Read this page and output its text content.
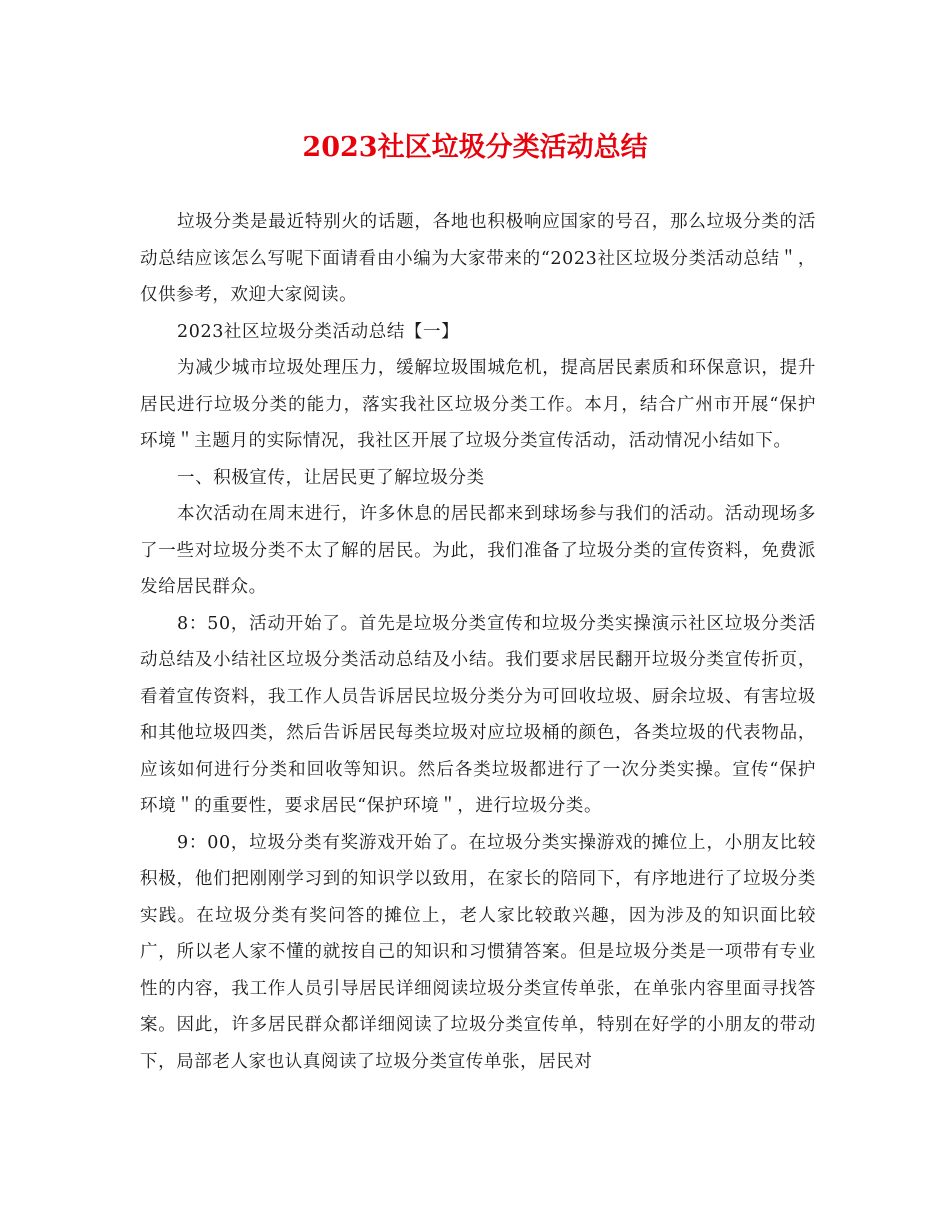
2023社区垃圾分类活动总结

垃圾分类是最近特别火的话题，各地也积极响应国家的号召，那么垃圾分类的活动总结应该怎么写呢下面请看由小编为大家带来的“2023社区垃圾分类活动总结＂，仅供参考，欢迎大家阅读。

2023社区垃圾分类活动总结【一】

为减少城市垃圾处理压力，缓解垃圾围城危机，提高居民素质和环保意识，提升居民进行垃圾分类的能力，落实我社区垃圾分类工作。本月，结合广州市开展“保护环境＂主题月的实际情况，我社区开展了垃圾分类宣传活动，活动情况小结如下。

一、积极宣传，让居民更了解垃圾分类

本次活动在周末进行，许多休息的居民都来到球场参与我们的活动。活动现场多了一些对垃圾分类不太了解的居民。为此，我们准备了垃圾分类的宣传资料，免费派发给居民群众。

8：50，活动开始了。首先是垃圾分类宣传和垃圾分类实操演示社区垃圾分类活动总结及小结社区垃圾分类活动总结及小结。我们要求居民翻开垃圾分类宣传折页，看着宣传资料，我工作人员告诉居民垃圾分类分为可回收垃圾、厨余垃圾、有害垃圾和其他垃圾四类，然后告诉居民每类垃圾对应垃圾桶的颜色，各类垃圾的代表物品，应该如何进行分类和回收等知识。然后各类垃圾都进行了一次分类实操。宣传“保护环境＂的重要性，要求居民“保护环境＂，进行垃圾分类。

9：00，垃圾分类有奖游戏开始了。在垃圾分类实操游戏的摊位上，小朋友比较积极，他们把刚刚学习到的知识学以致用，在家长的陪同下，有序地进行了垃圾分类实践。在垃圾分类有奖问答的摊位上，老人家比较敢兴趣，因为涉及的知识面比较广，所以老人家不懂的就按自己的知识和习惯猜答案。但是垃圾分类是一项带有专业性的内容，我工作人员引导居民详细阅读垃圾分类宣传单张，在单张内容里面寻找答案。因此，许多居民群众都详细阅读了垃圾分类宣传单，特别在好学的小朋友的带动下，局部老人家也认真阅读了垃圾分类宣传单张，居民对
